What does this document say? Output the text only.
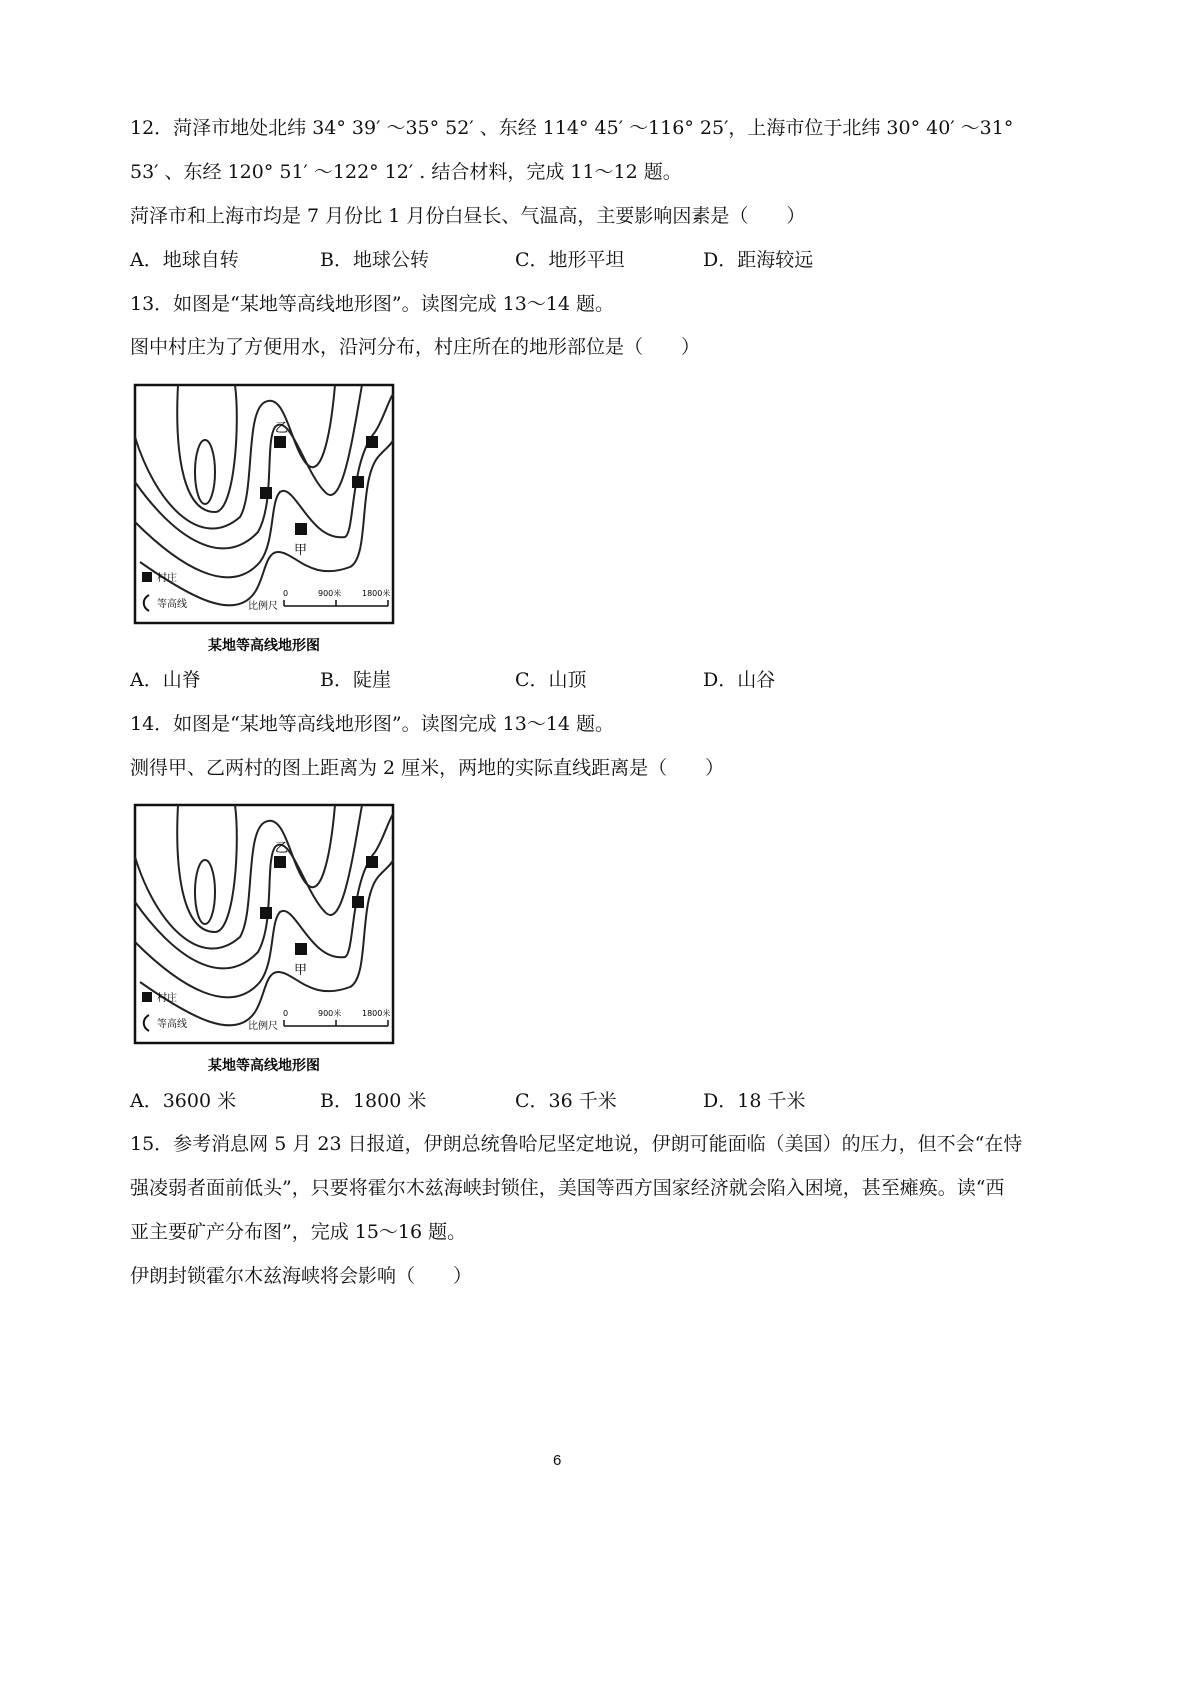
12．菏泽市地处北纬 34° 39′ ～35° 52′ 、东经 114° 45′ ～116° 25′，上海市位于北纬 30° 40′ ～31°
53′ 、东经 120° 51′ ～122° 12′ . 结合材料，完成 11～12 题。
菏泽市和上海市均是 7 月份比 1 月份白昼长、气温高，主要影响因素是（　　）
A．地球自转	B．地球公转	C．地形平坦	D．距海较远
13．如图是“某地等高线地形图”。读图完成 13～14 题。
图中村庄为了方便用水，沿河分布，村庄所在的地形部位是（　　）
乙
甲
村庄
等高线	比例尺
0	900米	1800米
某地等高线地形图
A．山脊	B．陡崖	C．山顶	D．山谷
14．如图是“某地等高线地形图”。读图完成 13～14 题。
测得甲、乙两村的图上距离为 2 厘米，两地的实际直线距离是（　　）
乙
甲
村庄
等高线	比例尺
0	900米	1800米
某地等高线地形图
A．3600 米	B．1800 米	C．36 千米	D．18 千米
15．参考消息网 5 月 23 日报道，伊朗总统鲁哈尼坚定地说，伊朗可能面临（美国）的压力，但不会“在恃
强凌弱者面前低头”，只要将霍尔木兹海峡封锁住，美国等西方国家经济就会陷入困境，甚至瘫痪。读“西
亚主要矿产分布图”，完成 15～16 题。
伊朗封锁霍尔木兹海峡将会影响（　　）
6
